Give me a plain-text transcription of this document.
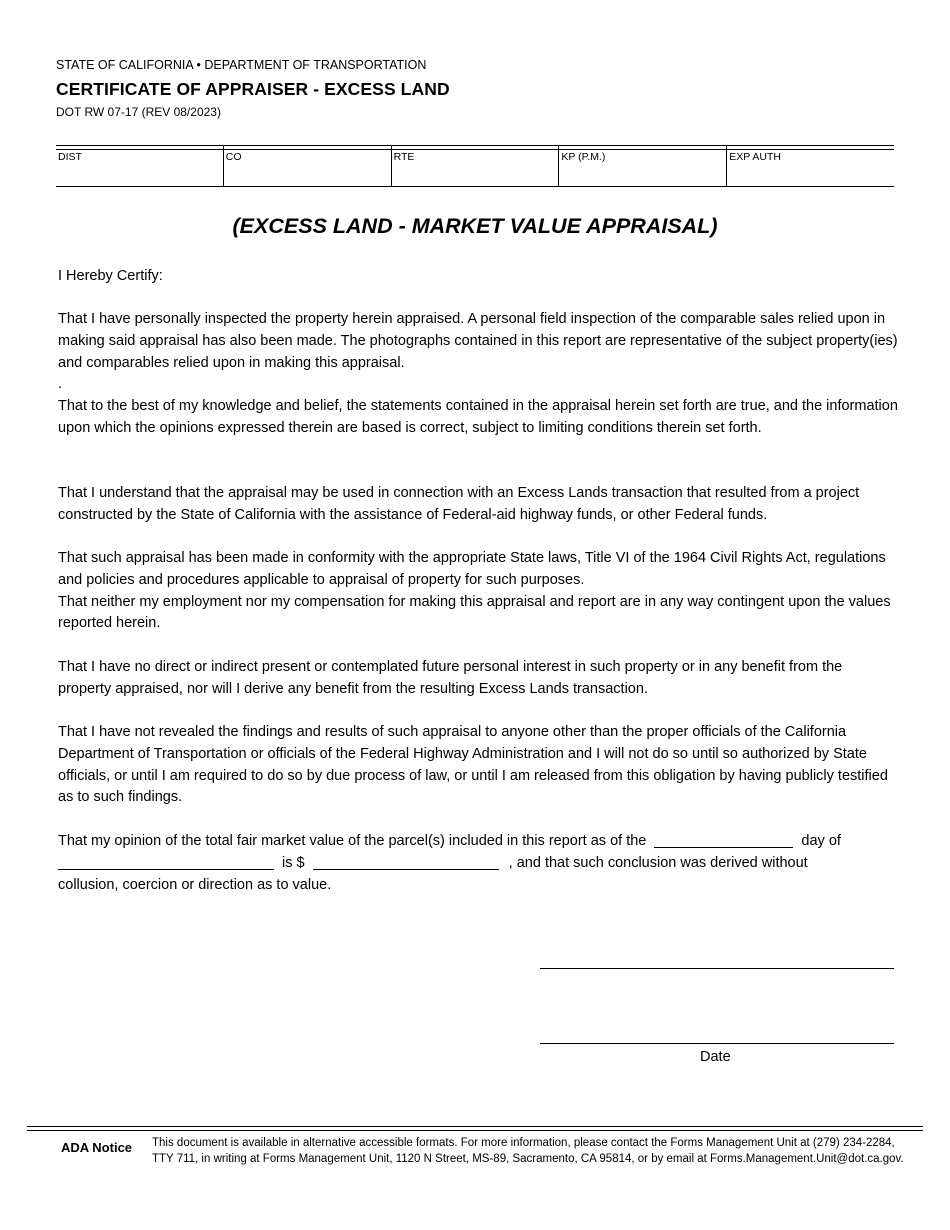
STATE OF CALIFORNIA • DEPARTMENT OF TRANSPORTATION
CERTIFICATE OF APPRAISER - EXCESS LAND
DOT RW 07-17 (REV 08/2023)
DIST	CO	RTE	KP (P.M.)	EXP AUTH
(EXCESS LAND - MARKET VALUE APPRAISAL)
I Hereby Certify:

That I have personally inspected the property herein appraised. A personal field inspection of the comparable sales relied upon in making said appraisal has also been made. The photographs contained in this report are representative of the subject property(ies) and comparables relied upon in making this appraisal.

.

That to the best of my knowledge and belief, the statements contained in the appraisal herein set forth are true, and the information upon which the opinions expressed therein are based is correct, subject to limiting conditions therein set forth.

That I understand that the appraisal may be used in connection with an Excess Lands transaction that resulted from a project constructed by the State of California with the assistance of Federal-aid highway funds, or other Federal funds.

That such appraisal has been made in conformity with the appropriate State laws, Title VI of the 1964 Civil Rights Act, regulations and policies and procedures applicable to appraisal of property for such purposes.

That neither my employment nor my compensation for making this appraisal and report are in any way contingent upon the values reported herein.

That I have no direct or indirect present or contemplated future personal interest in such property or in any benefit from the property appraised, nor will I derive any benefit from the resulting Excess Lands transaction.
That I have not revealed the findings and results of such appraisal to anyone other than the proper officials of the California Department of Transportation or officials of the Federal Highway Administration and I will not do so until so authorized by State officials, or until I am required to do so by due process of law, or until I am released from this obligation by having publicly testified as to such findings.

That my opinion of the total fair market value of the parcel(s) included in this report as of the	day of

is $	, and that such conclusion was derived without

collusion, coercion or direction as to value.

Date
ADA Notice This document is available in alternative accessible formats. For more information, please contact the Forms Management Unit at (279) 234-2284,
TTY 711, in writing at Forms Management Unit, 1120 N Street, MS-89, Sacramento, CA 95814, or by email at Forms.Management.Unit@dot.ca.gov.
